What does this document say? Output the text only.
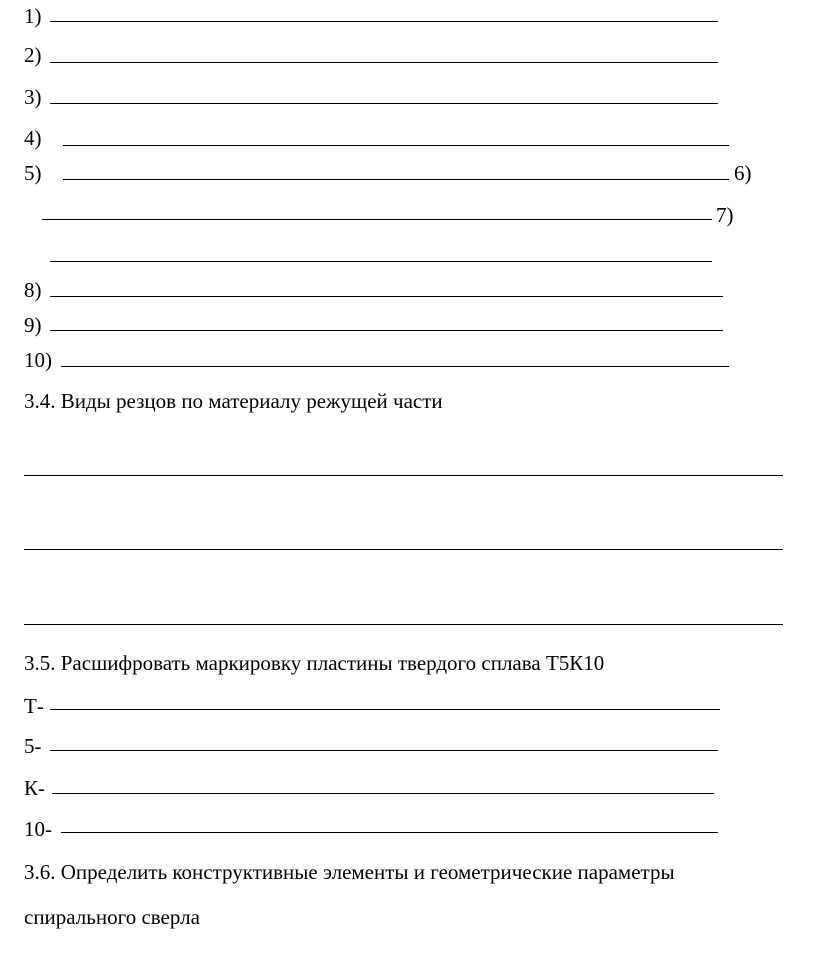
1)
2)
3)
4)
5)	6)
7)
8)
9)
10)
3.4. Виды резцов по материалу режущей части
3.5. Расшифровать маркировку пластины твердого сплава Т5К10
Т-
5-
К-
10-
3.6. Определить конструктивные элементы и геометрические параметры
спирального сверла
